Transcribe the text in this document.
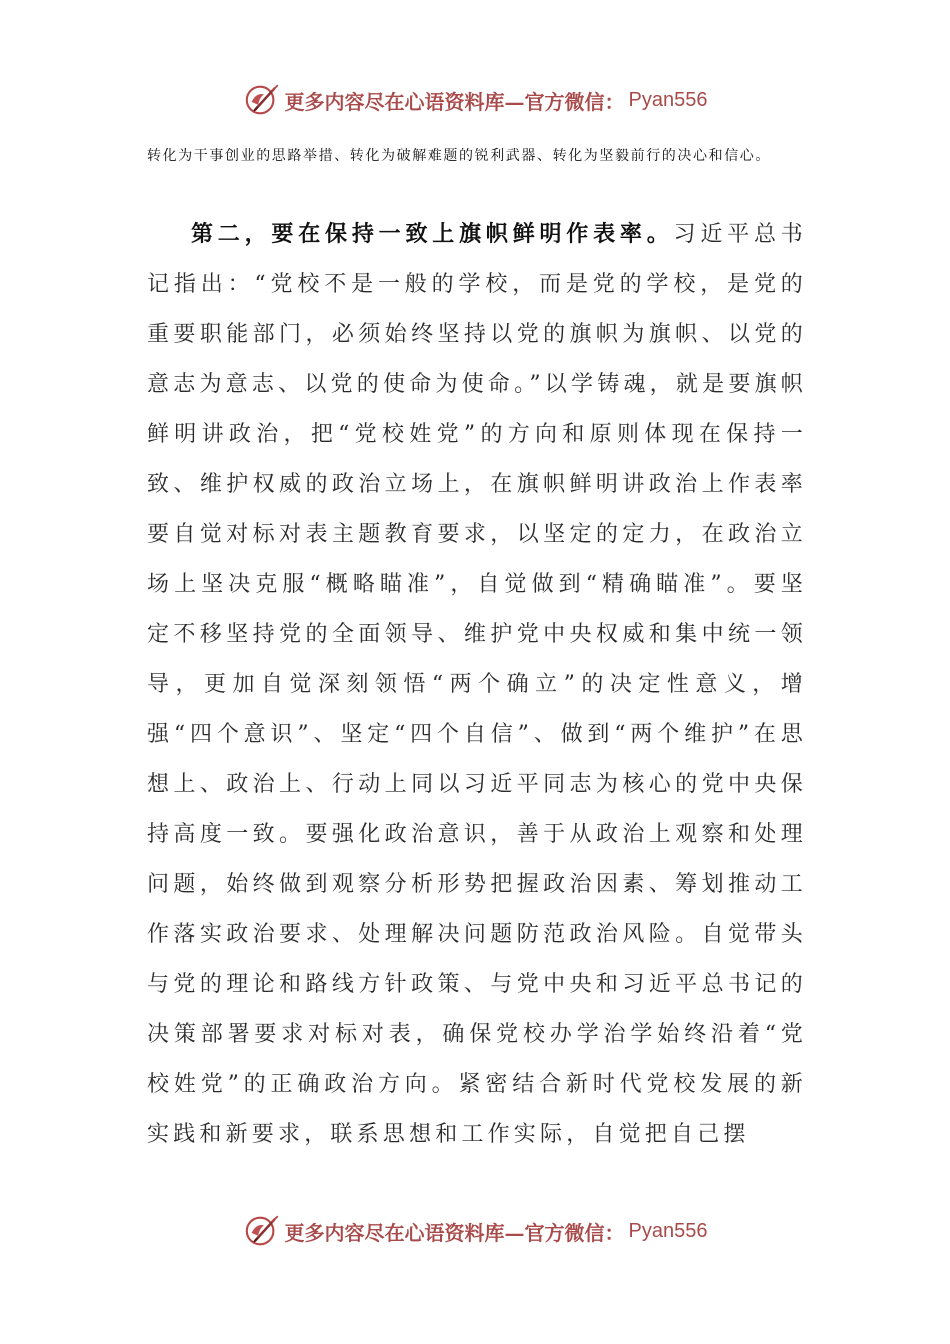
更多内容尽在心语资料库—官方微信： Pyan556
转化为干事创业的思路举措、转化为破解难题的锐利武器、转化为坚毅前行的决心和信心。

第二，要在保持一致上旗帜鲜明作表率。习近平总书记指出：“党校不是一般的学校，而是党的学校，是党的重要职能部门，必须始终坚持以党的旗帜为旗帜、以党的意志为意志、以党的使命为使命。”以学铸魂，就是要旗帜鲜明讲政治，把“党校姓党”的方向和原则体现在保持一致、维护权威的政治立场上，在旗帜鲜明讲政治上作表率要自觉对标对表主题教育要求，以坚定的定力，在政治立场上坚决克服“概略瞄准”，自觉做到“精确瞄准”。要坚定不移坚持党的全面领导、维护党中央权威和集中统一领导，更加自觉深刻领悟“两个确立”的决定性意义，增强“四个意识”、坚定“四个自信”、做到“两个维护”在思想上、政治上、行动上同以习近平同志为核心的党中央保持高度一致。要强化政治意识，善于从政治上观察和处理问题，始终做到观察分析形势把握政治因素、筹划推动工作落实政治要求、处理解决问题防范政治风险。自觉带头与党的理论和路线方针政策、与党中央和习近平总书记的决策部署要求对标对表，确保党校办学治学始终沿着“党校姓党”的正确政治方向。紧密结合新时代党校发展的新实践和新要求，联系思想和工作实际，自觉把自己摆

更多内容尽在心语资料库—官方微信： Pyan556
